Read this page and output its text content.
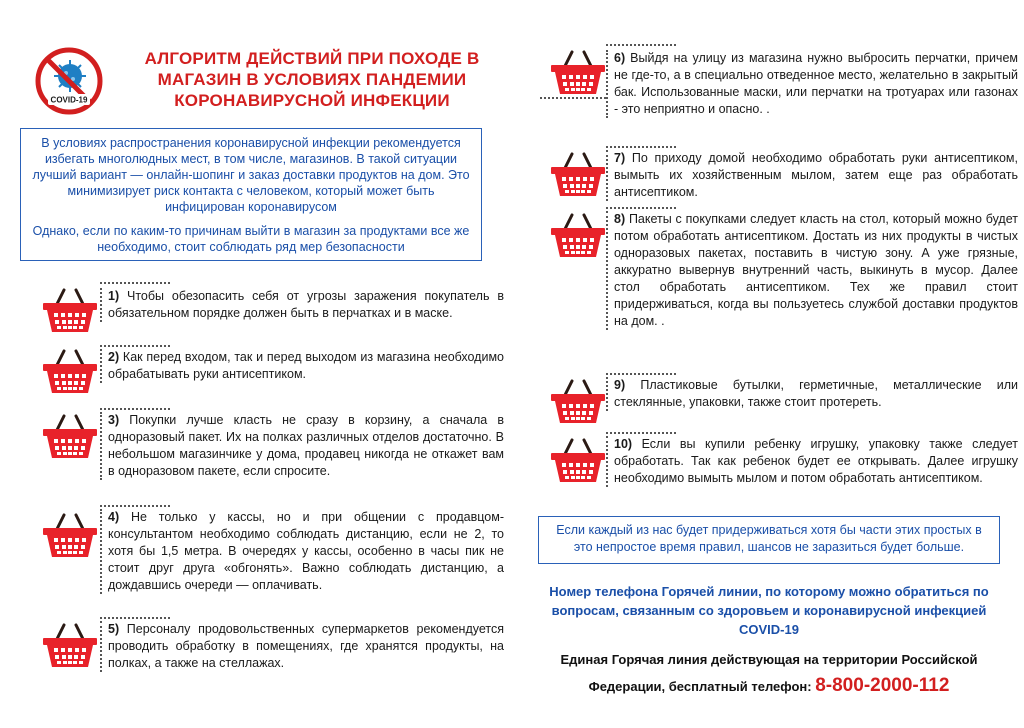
COVID-19
АЛГОРИТМ ДЕЙСТВИЙ ПРИ ПОХОДЕ В
МАГАЗИН В УСЛОВИЯХ ПАНДЕМИИ
КОРОНАВИРУСНОЙ ИНФЕКЦИИ

В условиях распространения коронавирусной инфекции рекомендуется избегать многолюдных мест, в том числе, магазинов. В такой ситуации лучший вариант — онлайн-шопинг и заказ доставки продуктов на дом. Это минимизирует риск контакта с человеком, который может быть инфицирован коронавирусом

Однако, если по каким-то причинам выйти в магазин за продуктами все же необходимо, стоит соблюдать ряд мер безопасности

1) Чтобы обезопасить себя от угрозы заражения покупатель в обязательном порядке должен быть в перчатках и в маске.
2) Как перед входом, так и перед выходом из магазина необходимо обрабатывать руки антисептиком.
3) Покупки лучше класть не сразу в корзину, а сначала в одноразовый пакет. Их на полках различных отделов достаточно. В небольшом магазинчике у дома, продавец никогда не откажет вам в одноразовом пакете, если спросите.
4) Не только у кассы, но и при общении с продавцом-консультантом необходимо соблюдать дистанцию, если не 2, то хотя бы 1,5 метра. В очередях у кассы, особенно в часы пик не стоит друг друга «обгонять». Важно соблюдать дистанцию, а дождавшись очереди — оплачивать.
5) Персоналу продовольственных супермаркетов рекомендуется проводить обработку в помещениях, где хранятся продукты, на полках, а также на стеллажах.
6) Выйдя на улицу из магазина нужно выбросить перчатки, причем не где-то, а в специально отведенное место, желательно в закрытый бак. Использованные маски, или перчатки на тротуарах или газонах - это неприятно и опасно. .
7) По приходу домой необходимо обработать руки антисептиком, вымыть их хозяйственным мылом, затем еще раз обработать антисептиком.
8) Пакеты с покупками следует класть на стол, который можно будет потом обработать антисептиком. Достать из них продукты в чистых одноразовых пакетах, поставить в чистую зону. А уже грязные, аккуратно вывернув внутренний часть, выкинуть в мусор. Далее стол обработать антисептиком. Тех же правил стоит придерживаться, когда вы пользуетесь службой доставки продуктов на дом. .
9) Пластиковые бутылки, герметичные, металлические или стеклянные, упаковки, также стоит протереть.
10) Если вы купили ребенку игрушку, упаковку также следует обработать. Так как ребенок будет ее открывать. Далее игрушку необходимо вымыть мылом и потом обработать антисептиком.
Если каждый из нас будет придерживаться хотя бы части этих простых в это непростое время правил, шансов не заразиться будет больше.
Номер телефона Горячей линии, по которому можно обратиться по вопросам, связанным со здоровьем и коронавирусной инфекцией COVID-19
Единая Горячая линия действующая на территории Российской
Федерации, бесплатный телефон: 8-800-2000-112
